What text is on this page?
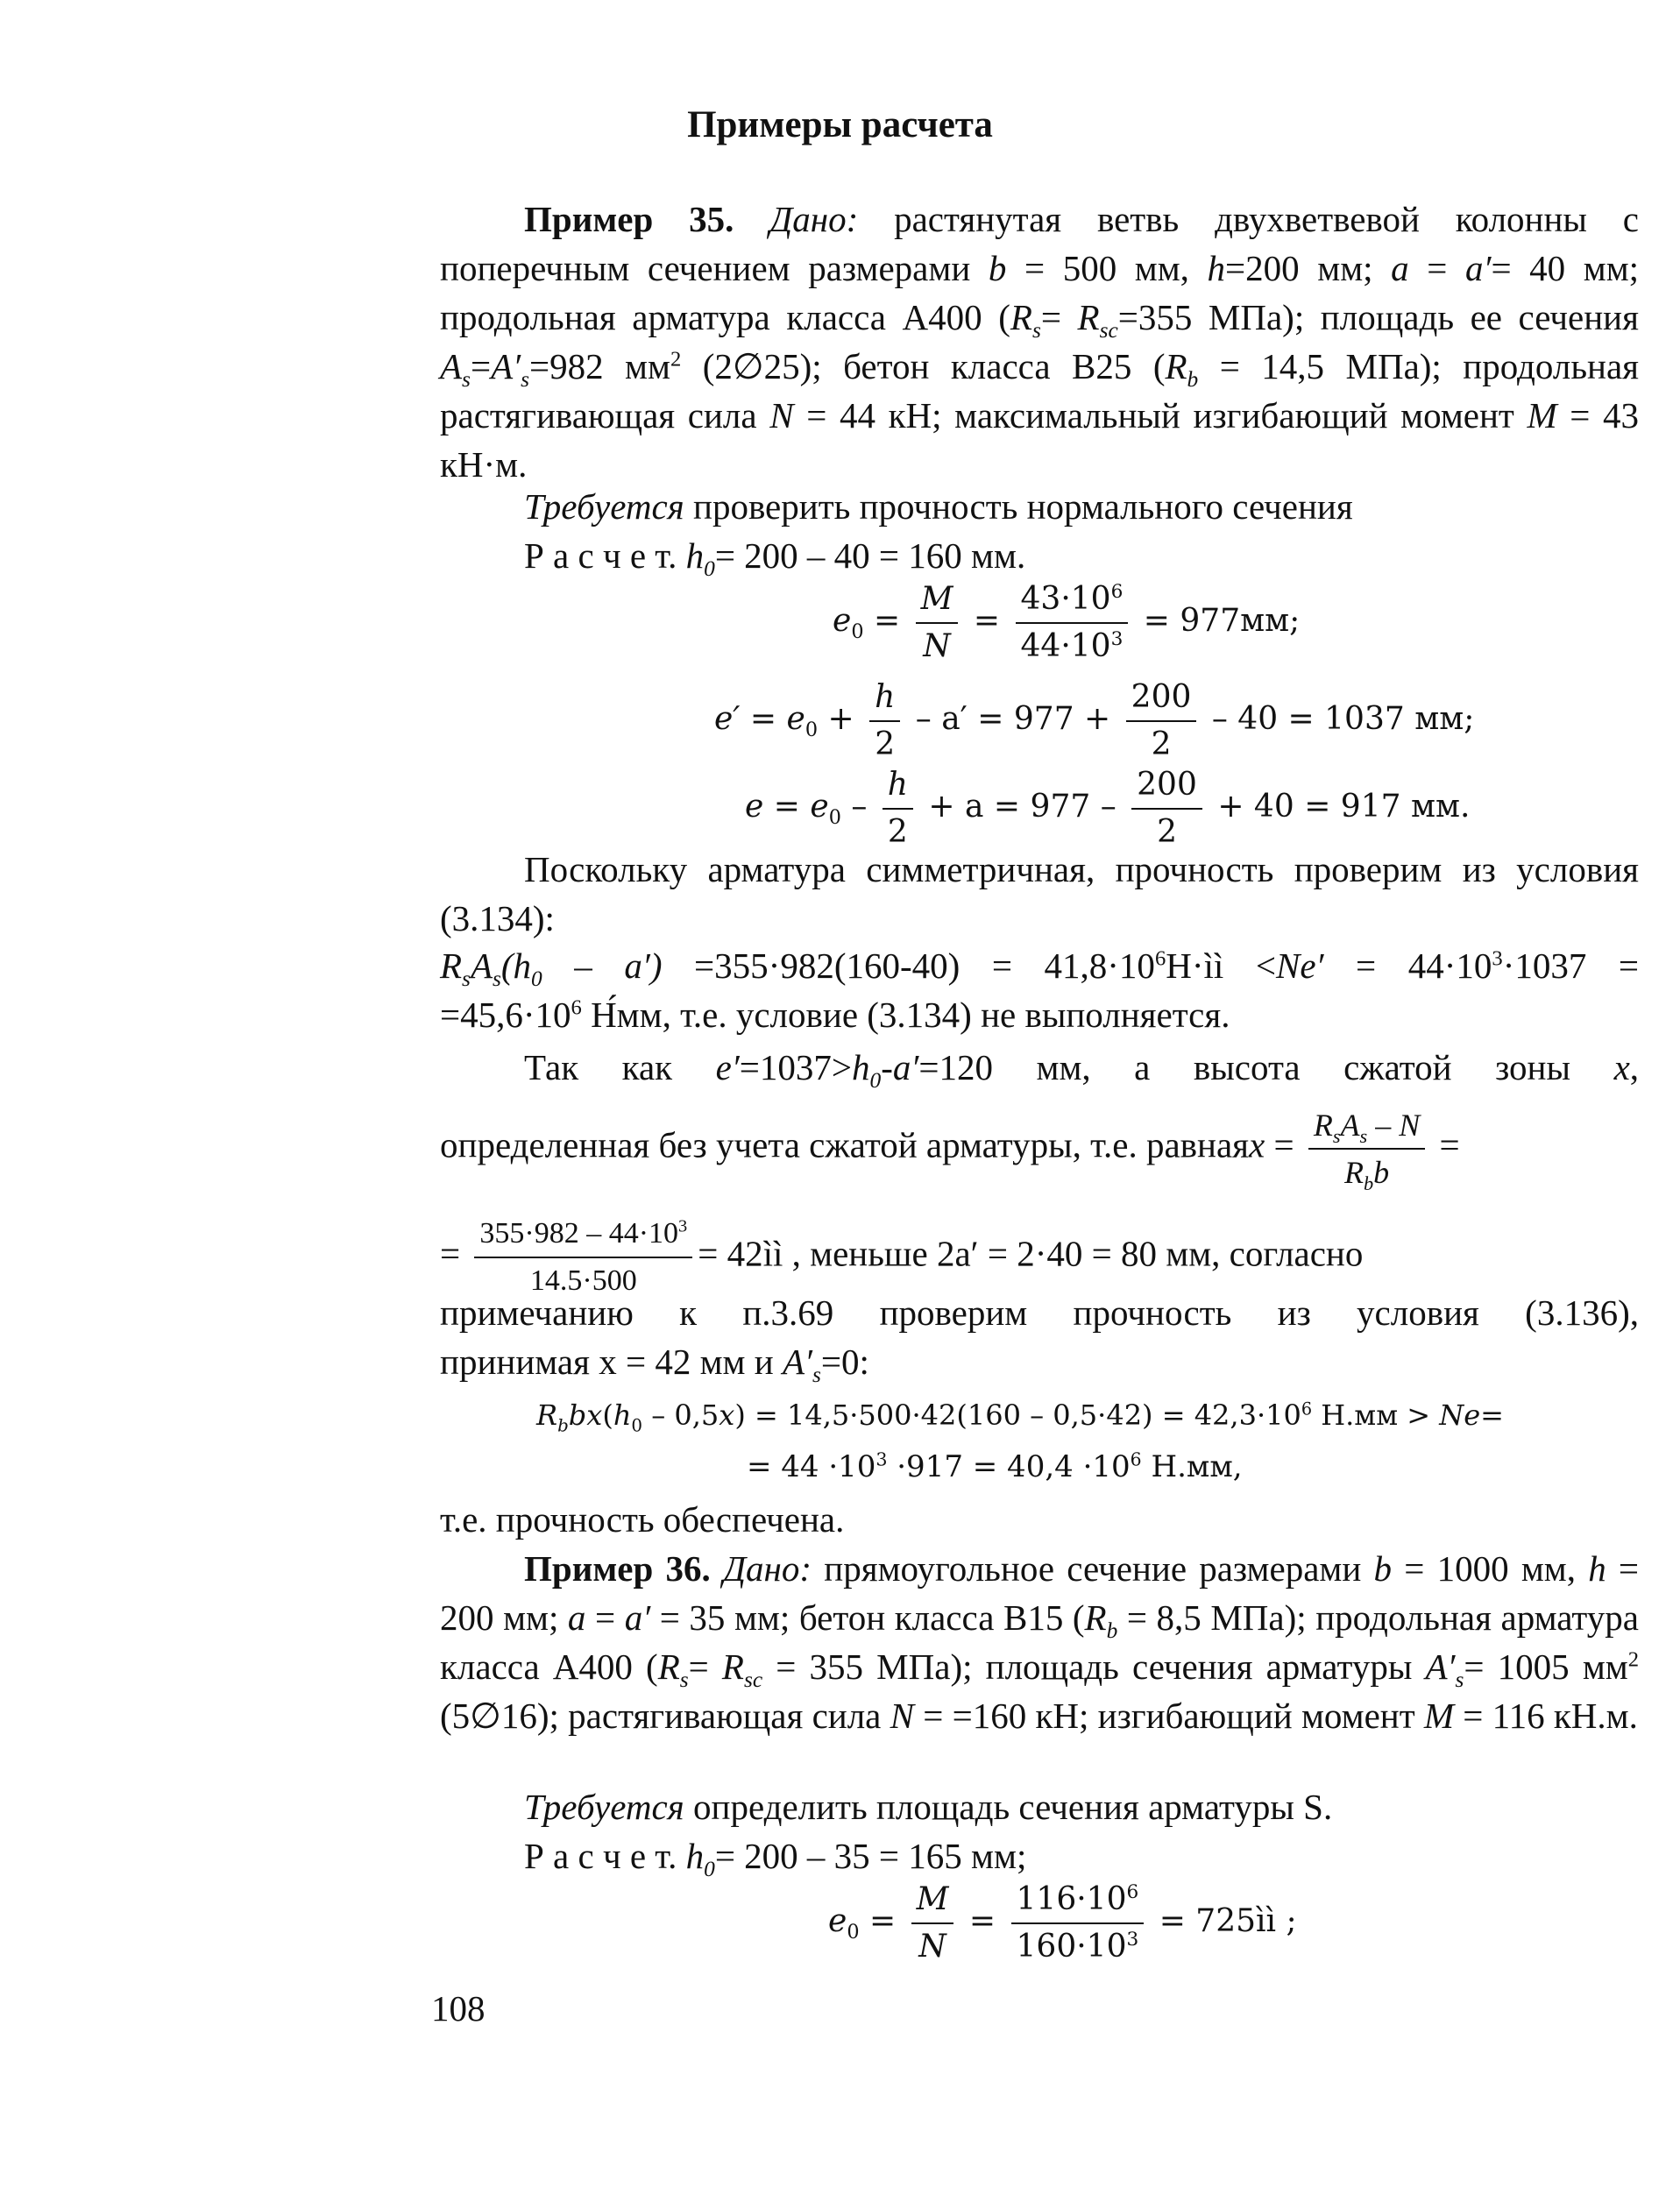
Примеры расчета
Пример 35. Дано: растянутая ветвь двухветвевой колонны с поперечным сечением размерами b = 500 мм, h=200 мм; a = a′= 40 мм; продольная арматура класса А400 ($R_s= R_{sc}=355$ МПа); площадь ее сечения $A_s=A'_s=982$ $мм^2$ (2∅25); бетон класса В25 ($R_b = 14,5$ МПа); продольная растягивающая сила N = 44 кН; максимальный изгибающий момент M = 43 кН·м.
Требуется проверить прочность нормального сечения
Р а с ч е т. $h_0= 200 - 40 = 160$ мм.
$e_0 = \frac{M}{N} = \frac{43\cdot 10^6}{44\cdot 10^3} = 977мм$;
$e' = e_0 + \frac{h}{2} - a' = 977 + \frac{200}{2} - 40 = 1037$ мм;
$e = e_0 - \frac{h}{2} + a = 977 - \frac{200}{2} + 40 = 917$ мм.
Поскольку арматура симметричная, прочность проверим из условия (3.134):
$R_sA_s(h_0 - a') =355\cdot 982(160-40)$ = $41,8\cdot 10^6Н\cdot ìì <Ne' = 44\cdot 10^3\cdot 1037$ =
$=45,6\cdot 10^6$ Н́мм, т.е. условие (3.134) не выполняется.
Так как $e'=1037>h_0-a'=120$ мм, а высота сжатой зоны x,
определенная без учета сжатой арматуры, т.е. равнаяx = $\frac{R_sA_s - N}{R_bb}$ =
= $\frac{355\cdot 982 - 44\cdot 10^3}{14.5\cdot 500}$ = 42ìì , меньше 2a′ = 2·40 = 80 мм, согласно
примечанию к п.3.69 проверим прочность из условия (3.136),
принимая x = 42 мм и $A'_s=0$:
$R_bbx(h_0 - 0,5x) = 14,5\cdot 500\cdot 42(160 - 0,5\cdot 42) = 42,3\cdot 10^6$ Н.мм > Ne=
= $44 \cdot 10^3 \cdot 917 = 40,4 \cdot 10^6$ Н.мм,
т.е. прочность обеспечена.
Пример 36. Дано: прямоугольное сечение размерами b = 1000 мм, h = 200 мм; a = a′ = 35 мм; бетон класса В15 ($R_b = 8,5$ МПа); продольная арматура класса А400 ($R_s= R_{sc} = 355$ МПа); площадь сечения арматуры $A'_s= 1005$ $мм^2$ (5∅16); растягивающая сила N = =160 кН; изгибающий момент M = 116 кН.м.
Требуется определить площадь сечения арматуры S.
Р а с ч е т. $h_0= 200 - 35 = 165$ мм;
$e_0 = \frac{M}{N} = \frac{116\cdot 10^6}{160\cdot 10^3}$ = 725ìì ;
108
